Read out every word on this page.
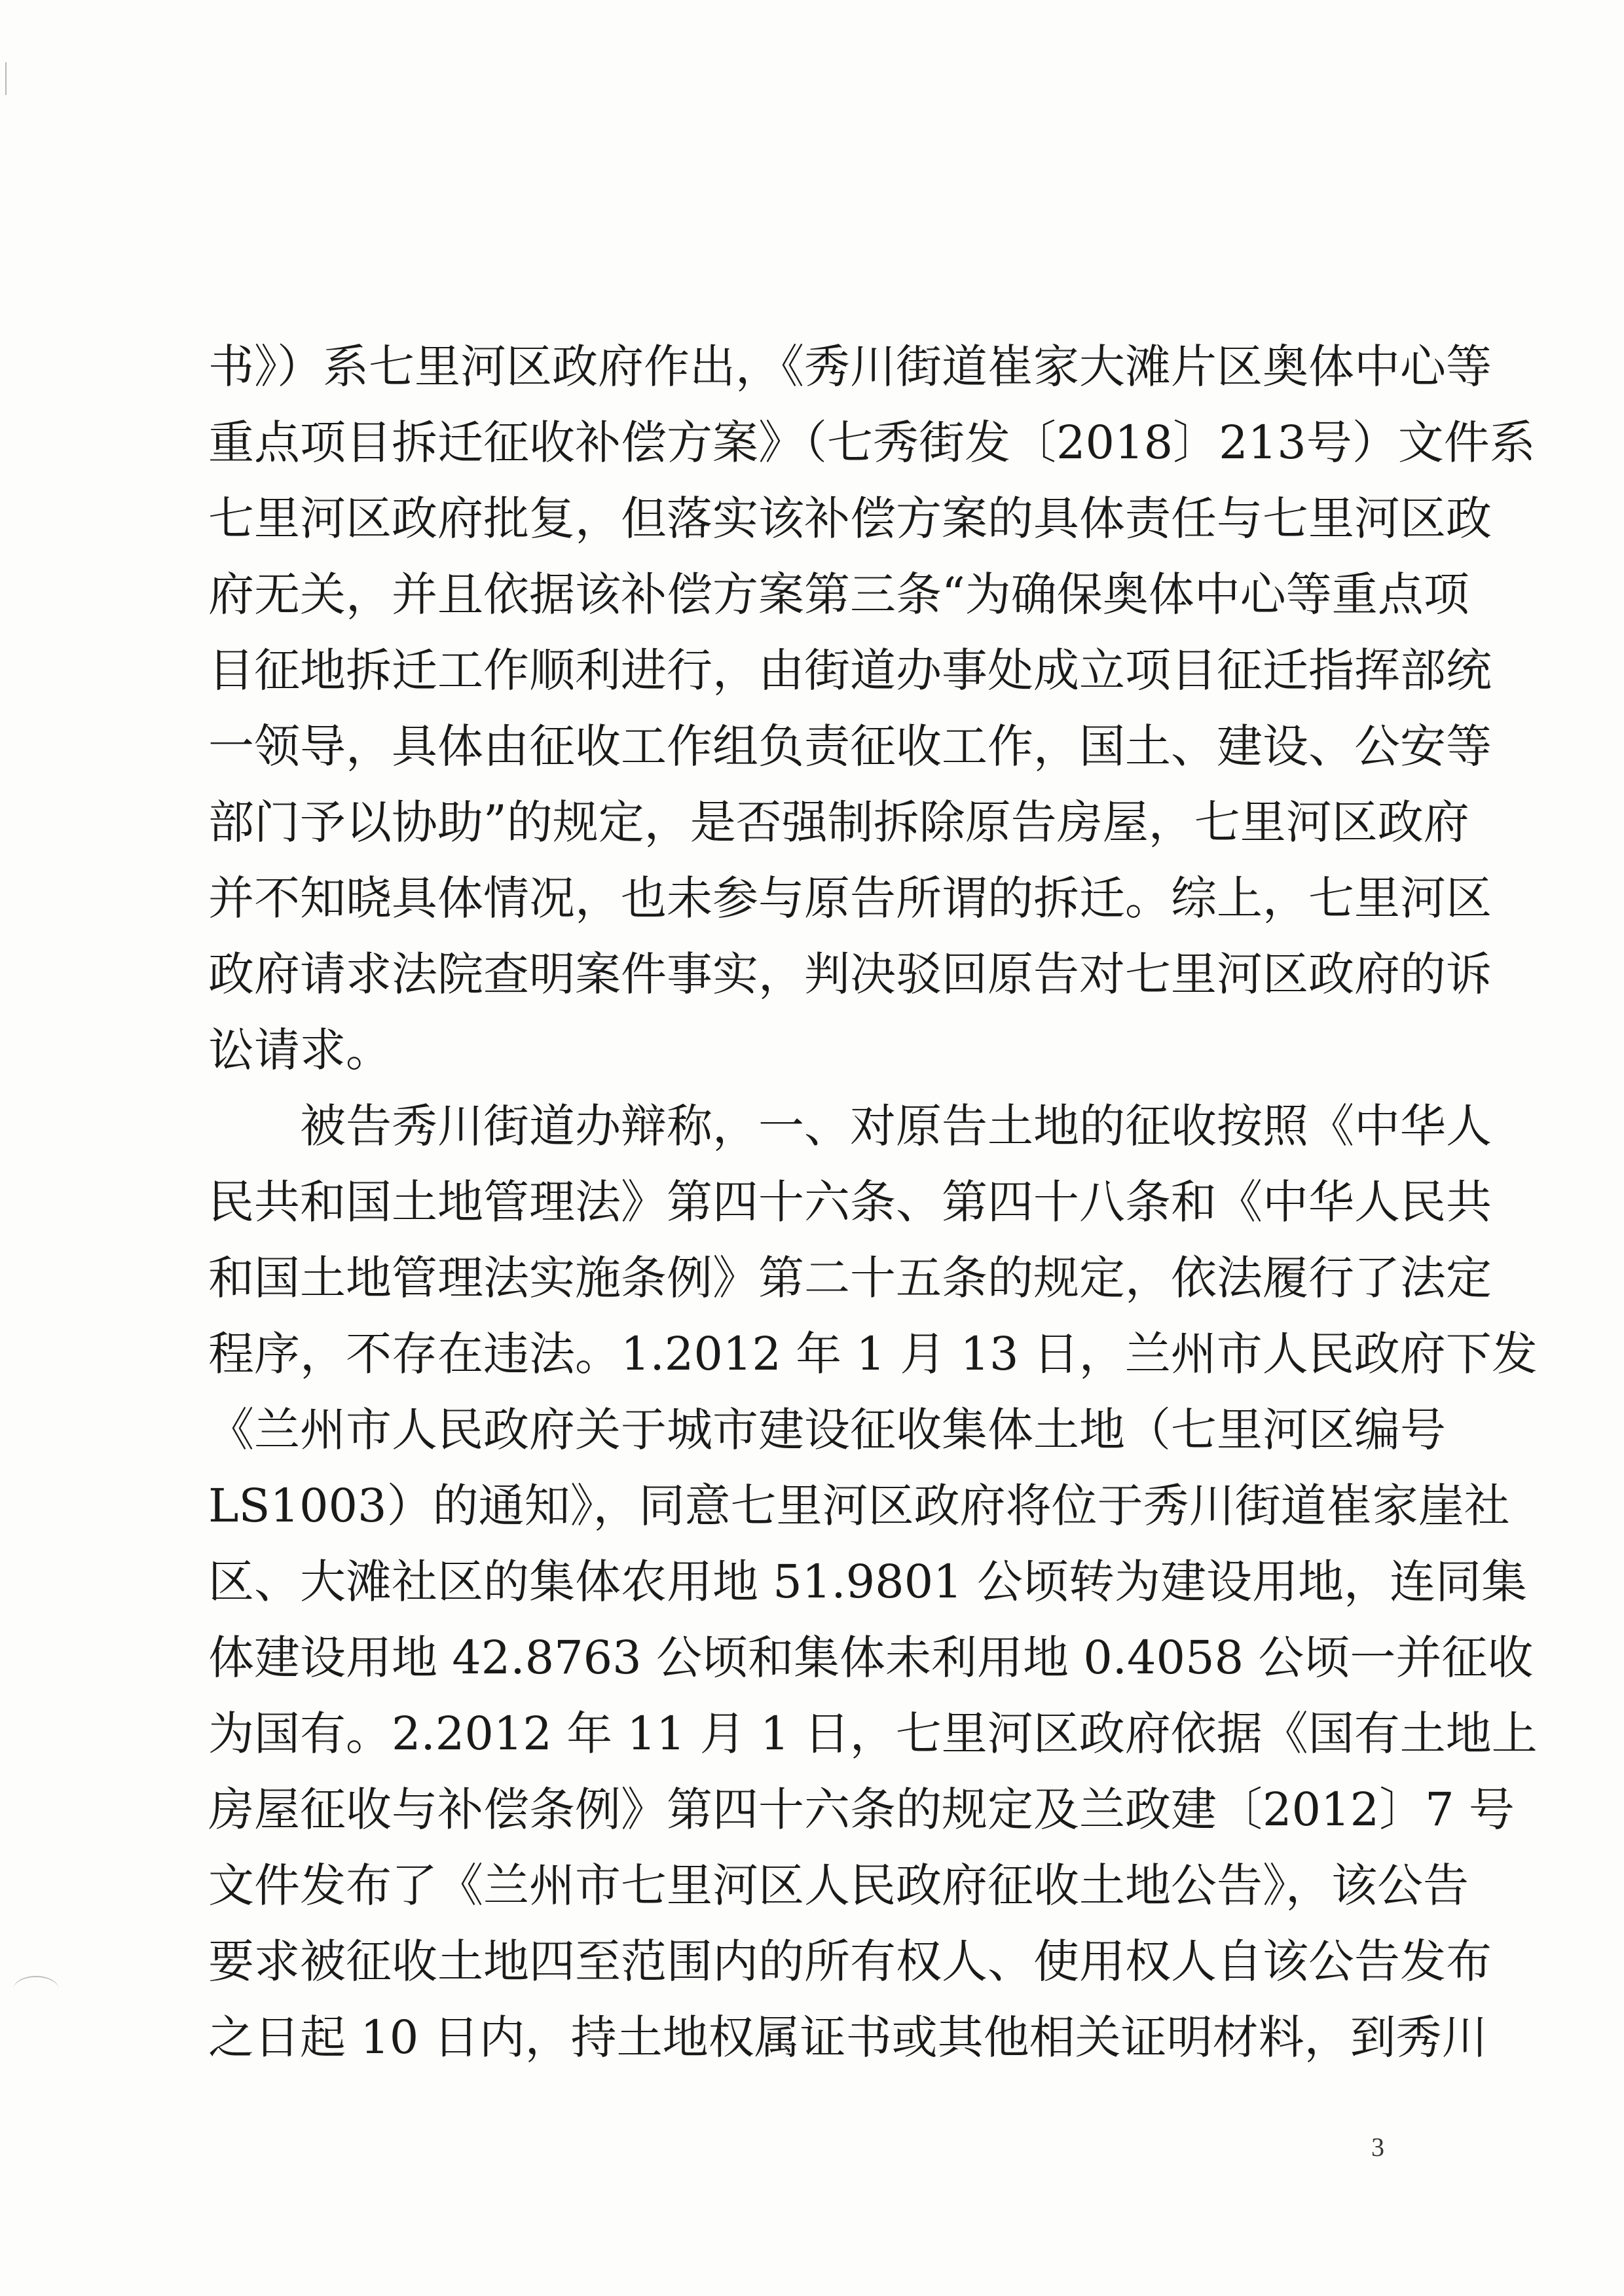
书》）系七里河区政府作出，《秀川街道崔家大滩片区奥体中心等
重点项目拆迁征收补偿方案》（七秀街发〔2018〕213号）文件系
七里河区政府批复，但落实该补偿方案的具体责任与七里河区政
府无关，并且依据该补偿方案第三条“为确保奥体中心等重点项
目征地拆迁工作顺利进行，由街道办事处成立项目征迁指挥部统
一领导，具体由征收工作组负责征收工作，国土、建设、公安等
部门予以协助”的规定，是否强制拆除原告房屋，七里河区政府
并不知晓具体情况，也未参与原告所谓的拆迁。综上，七里河区
政府请求法院查明案件事实，判决驳回原告对七里河区政府的诉
讼请求。
　　被告秀川街道办辩称，一、对原告土地的征收按照《中华人
民共和国土地管理法》第四十六条、第四十八条和《中华人民共
和国土地管理法实施条例》第二十五条的规定，依法履行了法定
程序，不存在违法。1.2012 年 1 月 13 日，兰州市人民政府下发
《兰州市人民政府关于城市建设征收集体土地（七里河区编号
LS1003）的通知》，同意七里河区政府将位于秀川街道崔家崖社
区、大滩社区的集体农用地 51.9801 公顷转为建设用地，连同集
体建设用地 42.8763 公顷和集体未利用地 0.4058 公顷一并征收
为国有。2.2012 年 11 月 1 日，七里河区政府依据《国有土地上
房屋征收与补偿条例》第四十六条的规定及兰政建〔2012〕7 号
文件发布了《兰州市七里河区人民政府征收土地公告》，该公告
要求被征收土地四至范围内的所有权人、使用权人自该公告发布
之日起 10 日内，持土地权属证书或其他相关证明材料，到秀川
3
